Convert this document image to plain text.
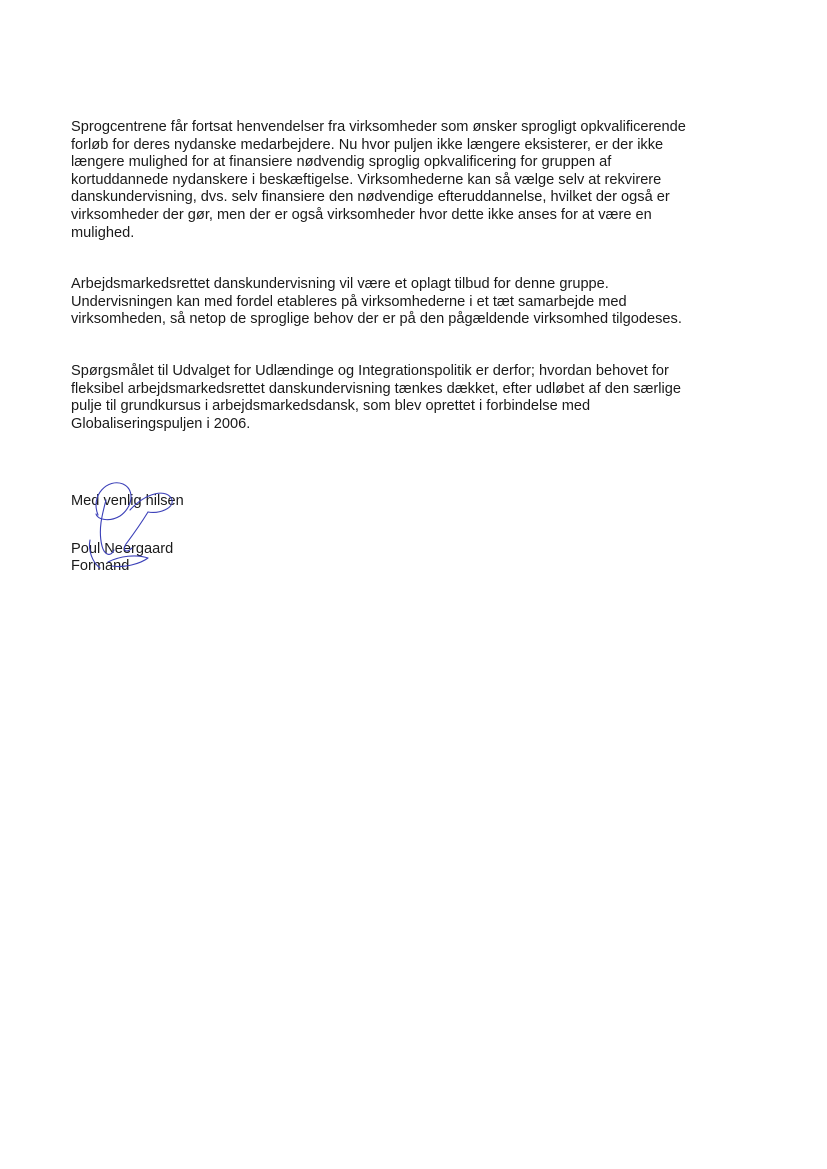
Sprogcentrene får fortsat henvendelser fra virksomheder som ønsker sprogligt opkvalificerende
forløb for deres nydanske medarbejdere. Nu hvor puljen ikke længere eksisterer, er der ikke
længere mulighed for at finansiere nødvendig sproglig opkvalificering for gruppen af
kortuddannede nydanskere i beskæftigelse. Virksomhederne kan så vælge selv at rekvirere
danskundervisning, dvs. selv finansiere den nødvendige efteruddannelse, hvilket der også er
virksomheder der gør, men der er også virksomheder hvor dette ikke anses for at være en
mulighed.

Arbejdsmarkedsrettet danskundervisning vil være et oplagt tilbud for denne gruppe.
Undervisningen kan med fordel etableres på virksomhederne i et tæt samarbejde med
virksomheden, så netop de sproglige behov der er på den pågældende virksomhed tilgodeses.

Spørgsmålet til Udvalget for Udlændinge og Integrationspolitik er derfor; hvordan behovet for
fleksibel arbejdsmarkedsrettet danskundervisning tænkes dækket, efter udløbet af den særlige
pulje til grundkursus i arbejdsmarkedsdansk, som blev oprettet i forbindelse med
Globaliseringspuljen i 2006.

Med venlig hilsen
Poul Neergaard
Formand
